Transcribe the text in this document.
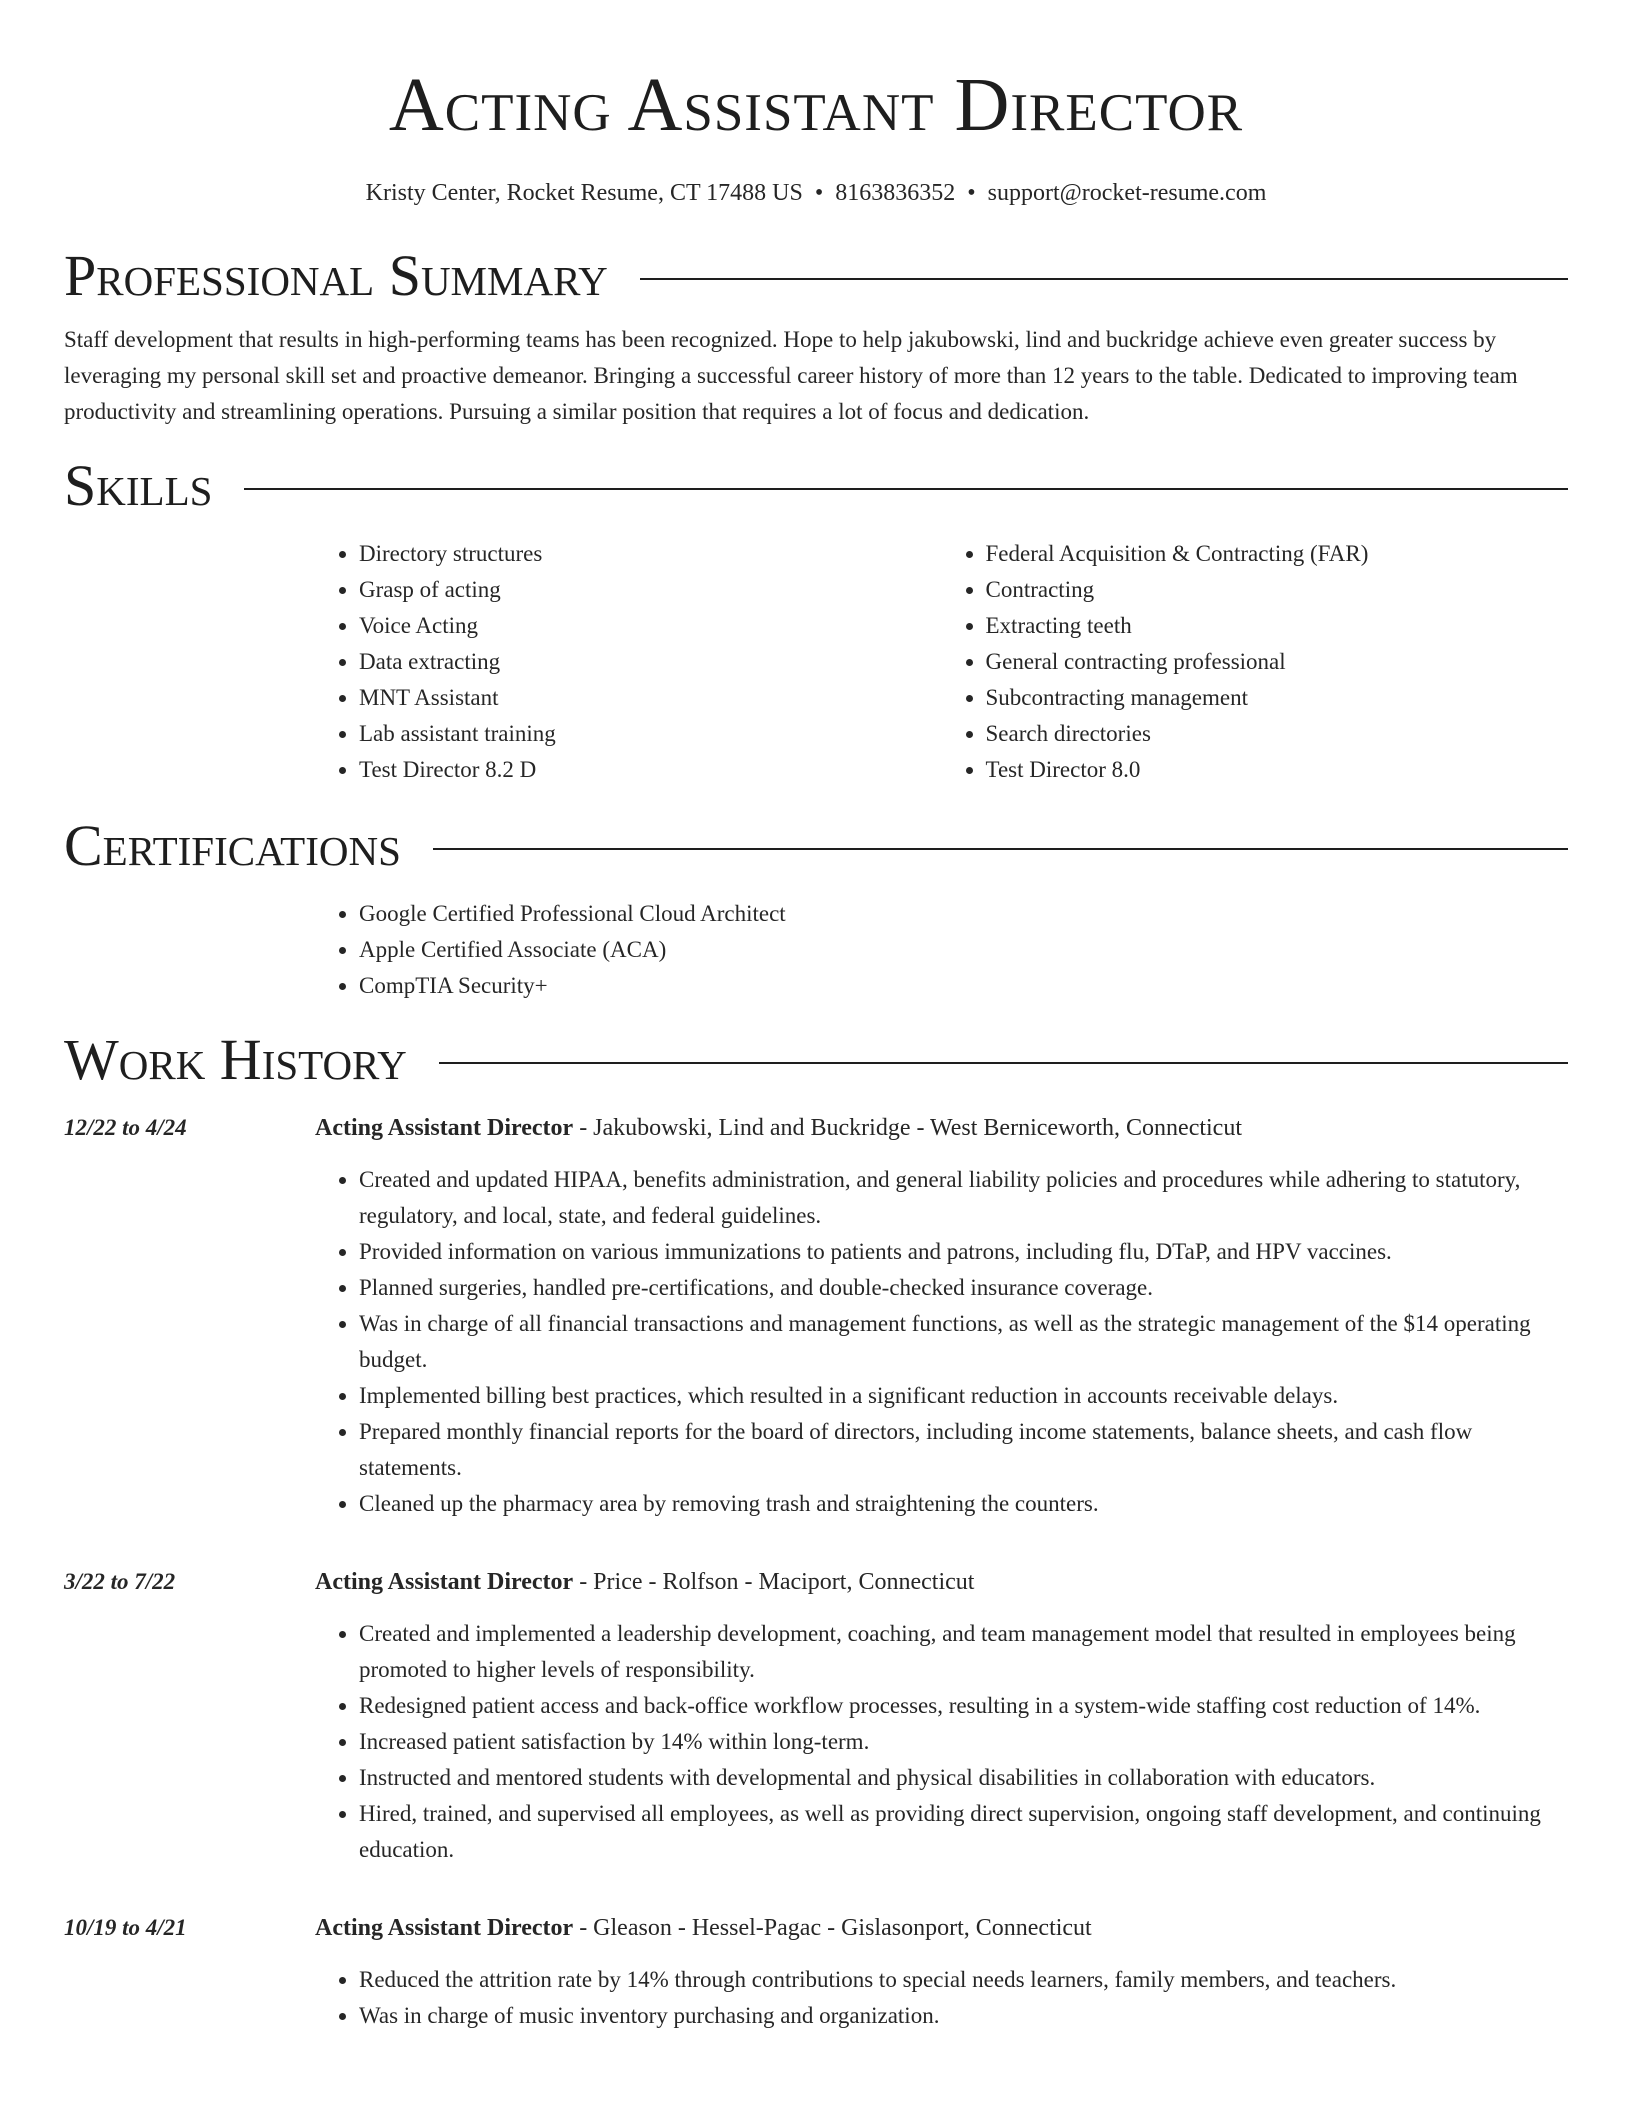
Acting Assistant Director
Kristy Center, Rocket Resume, CT 17488 US • 8163836352 • support@rocket-resume.com
Professional Summary

Staff development that results in high-performing teams has been recognized. Hope to help jakubowski, lind and buckridge achieve even greater success by leveraging my personal skill set and proactive demeanor. Bringing a successful career history of more than 12 years to the table. Dedicated to improving team productivity and streamlining operations. Pursuing a similar position that requires a lot of focus and dedication.

Skills
• Directory structures
• Grasp of acting
• Voice Acting
• Data extracting
• MNT Assistant
• Lab assistant training
• Test Director 8.2 D
• Federal Acquisition & Contracting (FAR)
• Contracting
• Extracting teeth
• General contracting professional
• Subcontracting management
• Search directories
• Test Director 8.0
Certifications
• Google Certified Professional Cloud Architect
• Apple Certified Associate (ACA)
• CompTIA Security+
Work History
12/22 to 4/24	Acting Assistant Director - Jakubowski, Lind and Buckridge - West Berniceworth, Connecticut
• Created and updated HIPAA, benefits administration, and general liability policies and procedures while adhering to statutory, regulatory, and local, state, and federal guidelines.
• Provided information on various immunizations to patients and patrons, including flu, DTaP, and HPV vaccines.
• Planned surgeries, handled pre-certifications, and double-checked insurance coverage.
• Was in charge of all financial transactions and management functions, as well as the strategic management of the $14 operating budget.
• Implemented billing best practices, which resulted in a significant reduction in accounts receivable delays.
• Prepared monthly financial reports for the board of directors, including income statements, balance sheets, and cash flow statements.
• Cleaned up the pharmacy area by removing trash and straightening the counters.
3/22 to 7/22	Acting Assistant Director - Price - Rolfson - Maciport, Connecticut
• Created and implemented a leadership development, coaching, and team management model that resulted in employees being promoted to higher levels of responsibility.
• Redesigned patient access and back-office workflow processes, resulting in a system-wide staffing cost reduction of 14%.
• Increased patient satisfaction by 14% within long-term.
• Instructed and mentored students with developmental and physical disabilities in collaboration with educators.
• Hired, trained, and supervised all employees, as well as providing direct supervision, ongoing staff development, and continuing education.
10/19 to 4/21	Acting Assistant Director - Gleason - Hessel-Pagac - Gislasonport, Connecticut
• Reduced the attrition rate by 14% through contributions to special needs learners, family members, and teachers.
• Was in charge of music inventory purchasing and organization.
